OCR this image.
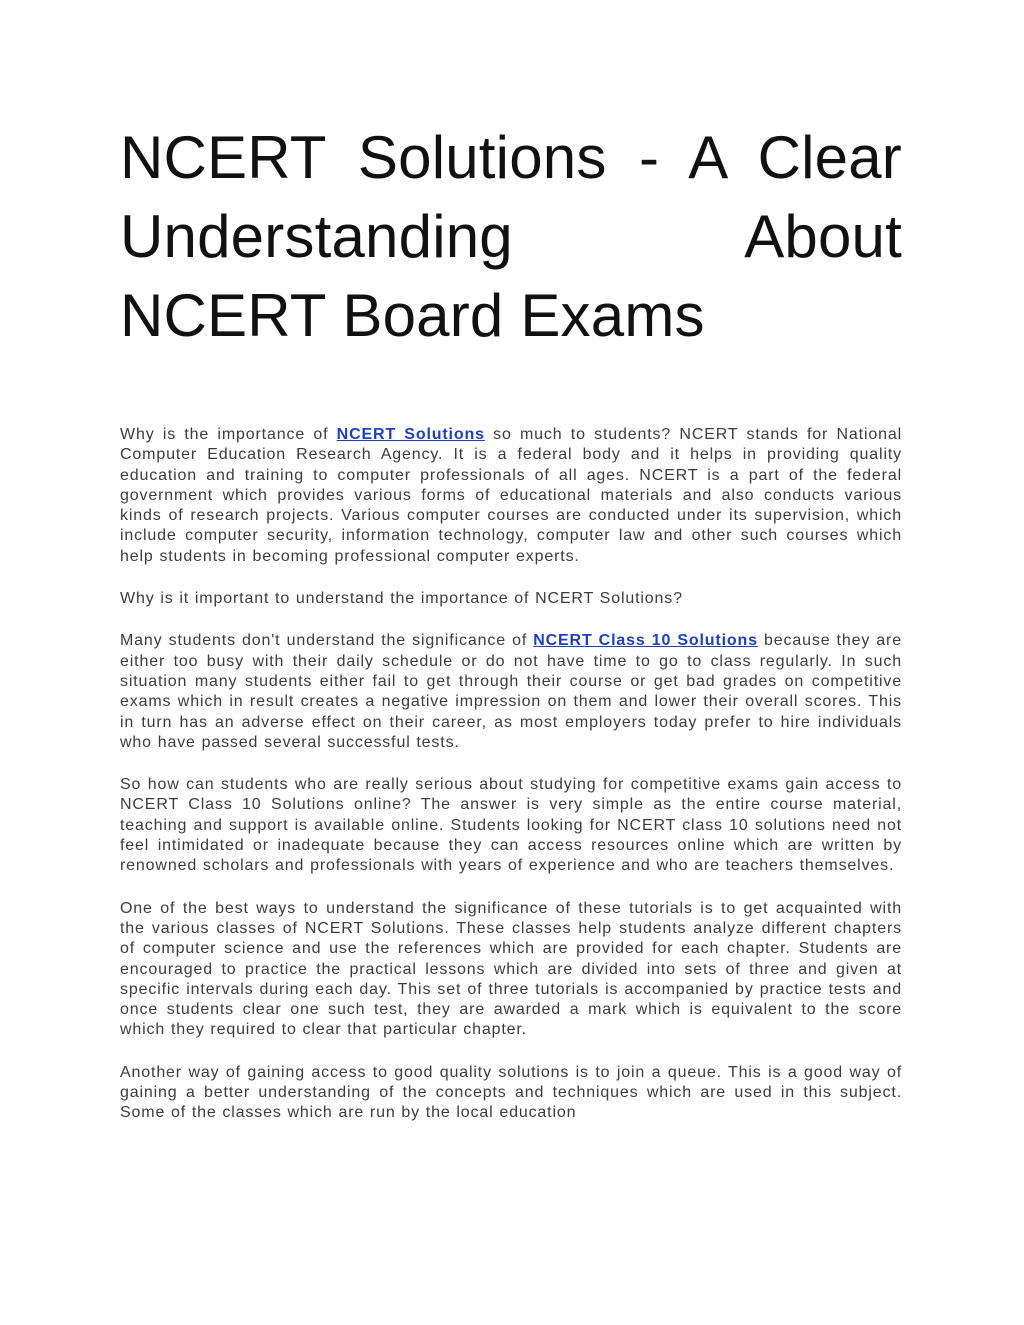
NCERT Solutions - A Clear Understanding About NCERT Board Exams

Why is the importance of NCERT Solutions so much to students? NCERT stands for National Computer Education Research Agency. It is a federal body and it helps in providing quality education and training to computer professionals of all ages. NCERT is a part of the federal government which provides various forms of educational materials and also conducts various kinds of research projects. Various computer courses are conducted under its supervision, which include computer security, information technology, computer law and other such courses which help students in becoming professional computer experts.

Why is it important to understand the importance of NCERT Solutions?

Many students don't understand the significance of NCERT Class 10 Solutions because they are either too busy with their daily schedule or do not have time to go to class regularly. In such situation many students either fail to get through their course or get bad grades on competitive exams which in result creates a negative impression on them and lower their overall scores. This in turn has an adverse effect on their career, as most employers today prefer to hire individuals who have passed several successful tests.

So how can students who are really serious about studying for competitive exams gain access to NCERT Class 10 Solutions online? The answer is very simple as the entire course material, teaching and support is available online. Students looking for NCERT class 10 solutions need not feel intimidated or inadequate because they can access resources online which are written by renowned scholars and professionals with years of experience and who are teachers themselves.

One of the best ways to understand the significance of these tutorials is to get acquainted with the various classes of NCERT Solutions. These classes help students analyze different chapters of computer science and use the references which are provided for each chapter. Students are encouraged to practice the practical lessons which are divided into sets of three and given at specific intervals during each day. This set of three tutorials is accompanied by practice tests and once students clear one such test, they are awarded a mark which is equivalent to the score which they required to clear that particular chapter.

Another way of gaining access to good quality solutions is to join a queue. This is a good way of gaining a better understanding of the concepts and techniques which are used in this subject. Some of the classes which are run by the local education
